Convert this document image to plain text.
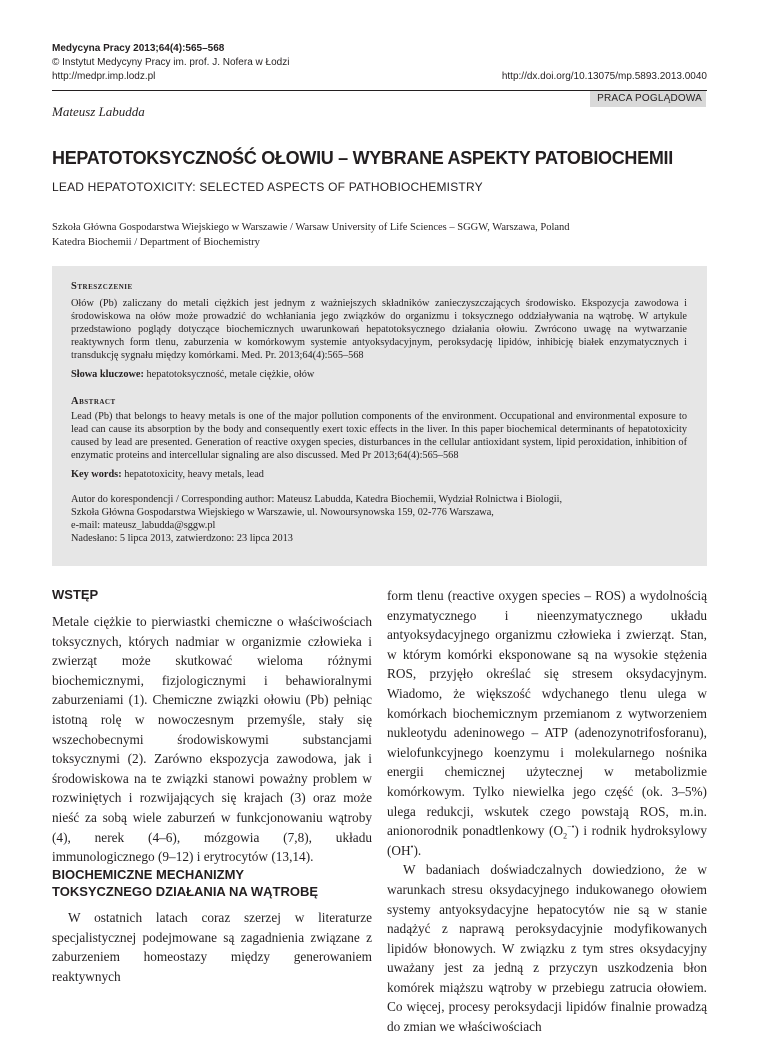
Medycyna Pracy 2013;64(4):565–568
© Instytut Medycyny Pracy im. prof. J. Nofera w Łodzi
http://medpr.imp.lodz.pl	http://dx.doi.org/10.13075/mp.5893.2013.0040
PRACA POGLĄDOWA
Mateusz Labudda
HEPATOTOKSYCZNOŚĆ OŁOWIU – WYBRANE ASPEKTY PATOBIOCHEMII
LEAD HEPATOTOXICITY: SELECTED ASPECTS OF PATHOBIOCHEMISTRY
Szkoła Główna Gospodarstwa Wiejskiego w Warszawie / Warsaw University of Life Sciences – SGGW, Warszawa, Poland
Katedra Biochemii / Department of Biochemistry
Streszczenie

Ołów (Pb) zaliczany do metali ciężkich jest jednym z ważniejszych składników zanieczyszczających środowisko. Ekspozycja zawodowa i środowiskowa na ołów może prowadzić do wchłaniania jego związków do organizmu i toksycznego oddziaływania na wątrobę. W artykule przedstawiono poglądy dotyczące biochemicznych uwarunkowań hepatotoksycznego działania ołowiu. Zwrócono uwagę na wytwarzanie reaktywnych form tlenu, zaburzenia w komórkowym systemie antyoksydacyjnym, peroksydację lipidów, inhibicję białek enzymatycznych i transdukcję sygnału między komórkami. Med. Pr. 2013;64(4):565–568

Słowa kluczowe: hepatotoksyczność, metale ciężkie, ołów

Abstract

Lead (Pb) that belongs to heavy metals is one of the major pollution components of the environment. Occupational and environmental exposure to lead can cause its absorption by the body and consequently exert toxic effects in the liver. In this paper biochemical determinants of hepatotoxicity caused by lead are presented. Generation of reactive oxygen species, disturbances in the cellular antioxidant system, lipid peroxidation, inhibition of enzymatic proteins and intercellular signaling are also discussed. Med Pr 2013;64(4):565–568

Key words: hepatotoxicity, heavy metals, lead

Autor do korespondencji / Corresponding author: Mateusz Labudda, Katedra Biochemii, Wydział Rolnictwa i Biologii,
Szkoła Główna Gospodarstwa Wiejskiego w Warszawie, ul. Nowoursynowska 159, 02-776 Warszawa,
e-mail: mateusz_labudda@sggw.pl
Nadesłano: 5 lipca 2013, zatwierdzono: 23 lipca 2013
WSTĘP

Metale ciężkie to pierwiastki chemiczne o właściwościach toksycznych, których nadmiar w organizmie człowieka i zwierząt może skutkować wieloma różnymi biochemicznymi, fizjologicznymi i behawioralnymi zaburzeniami (1). Chemiczne związki ołowiu (Pb) pełniąc istotną rolę w nowoczesnym przemyśle, stały się wszechobecnymi środowiskowymi substancjami toksycznymi (2). Zarówno ekspozycja zawodowa, jak i środowiskowa na te związki stanowi poważny problem w rozwiniętych i rozwijających się krajach (3) oraz może nieść za sobą wiele zaburzeń w funkcjonowaniu wątroby (4), nerek (4–6), mózgowia (7,8), układu immunologicznego (9–12) i erytrocytów (13,14).

BIOCHEMICZNE MECHANIZMY
TOKSYCZNEGO DZIAŁANIA NA WĄTROBĘ

W ostatnich latach coraz szerzej w literaturze specjalistycznej podejmowane są zagadnienia związane z zaburzeniem homeostazy między generowaniem reaktywnych

form tlenu (reactive oxygen species – ROS) a wydolnością enzymatycznego i nieenzymatycznego układu antyoksydacyjnego organizmu człowieka i zwierząt. Stan, w którym komórki eksponowane są na wysokie stężenia ROS, przyjęło określać się stresem oksydacyjnym. Wiadomo, że większość wdychanego tlenu ulega w komórkach biochemicznym przemianom z wytworzeniem nukleotydu adeninowego – ATP (adenozynotrifosforanu), wielofunkcyjnego koenzymu i molekularnego nośnika energii chemicznej użytecznej w metabolizmie komórkowym. Tylko niewielka jego część (ok. 3–5%) ulega redukcji, wskutek czego powstają ROS, m.in. anionorodnik ponadtlenkowy $(O_2^{-•})$ i rodnik hydroksylowy (OH•).

W badaniach doświadczalnych dowiedziono, że w warunkach stresu oksydacyjnego indukowanego ołowiem systemy antyoksydacyjne hepatocytów nie są w stanie nadążyć z naprawą peroksydacyjnie modyfikowanych lipidów błonowych. W związku z tym stres oksydacyjny uważany jest za jedną z przyczyn uszkodzenia błon komórek miąższu wątroby w przebiegu zatrucia ołowiem. Co więcej, procesy peroksydacji lipidów finalnie prowadzą do zmian we właściwościach
